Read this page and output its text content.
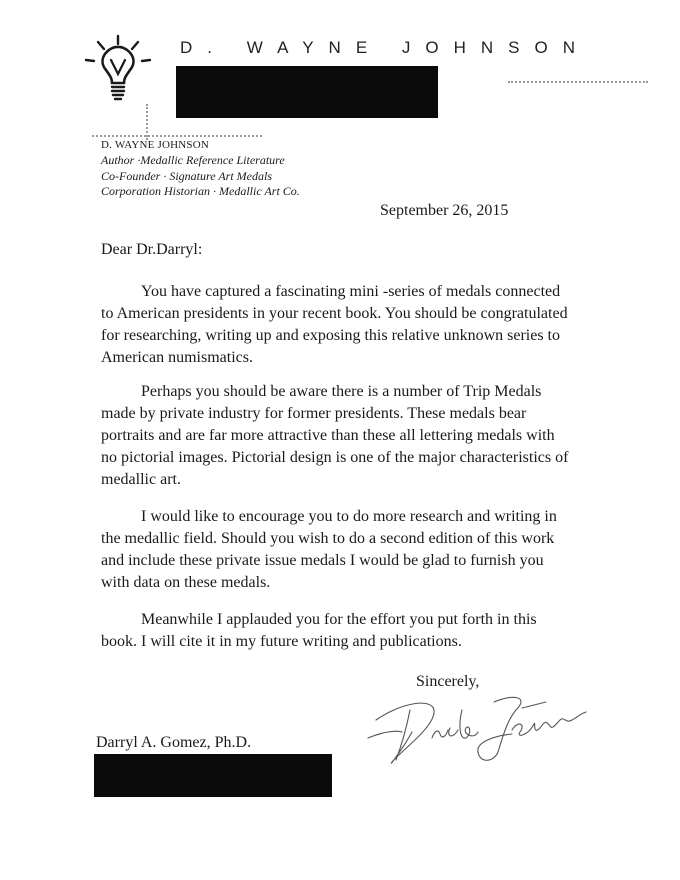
D. WAYNE JOHNSON
D. WAYNE JOHNSON
Author ·Medallic Reference Literature
Co-Founder · Signature Art Medals
Corporation Historian · Medallic Art Co.
September 26, 2015
Dear Dr.Darryl:

You have captured a fascinating mini -series of medals connected to American presidents in your recent book. You should be congratulated for researching, writing up and exposing this relative unknown series to American numismatics.

Perhaps you should be aware there is a number of Trip Medals made by private industry for former presidents. These medals bear portraits and are far more attractive than these all lettering medals with no pictorial images. Pictorial design is one of the major characteristics of medallic art.

I would like to encourage you to do more research and writing in the medallic field. Should you wish to do a second edition of this work and include these private issue medals I would be glad to furnish you with data on these medals.

Meanwhile I applauded you for the effort you put forth in this book. I will cite it in my future writing and publications.

Sincerely,
Darryl A. Gomez, Ph.D.
